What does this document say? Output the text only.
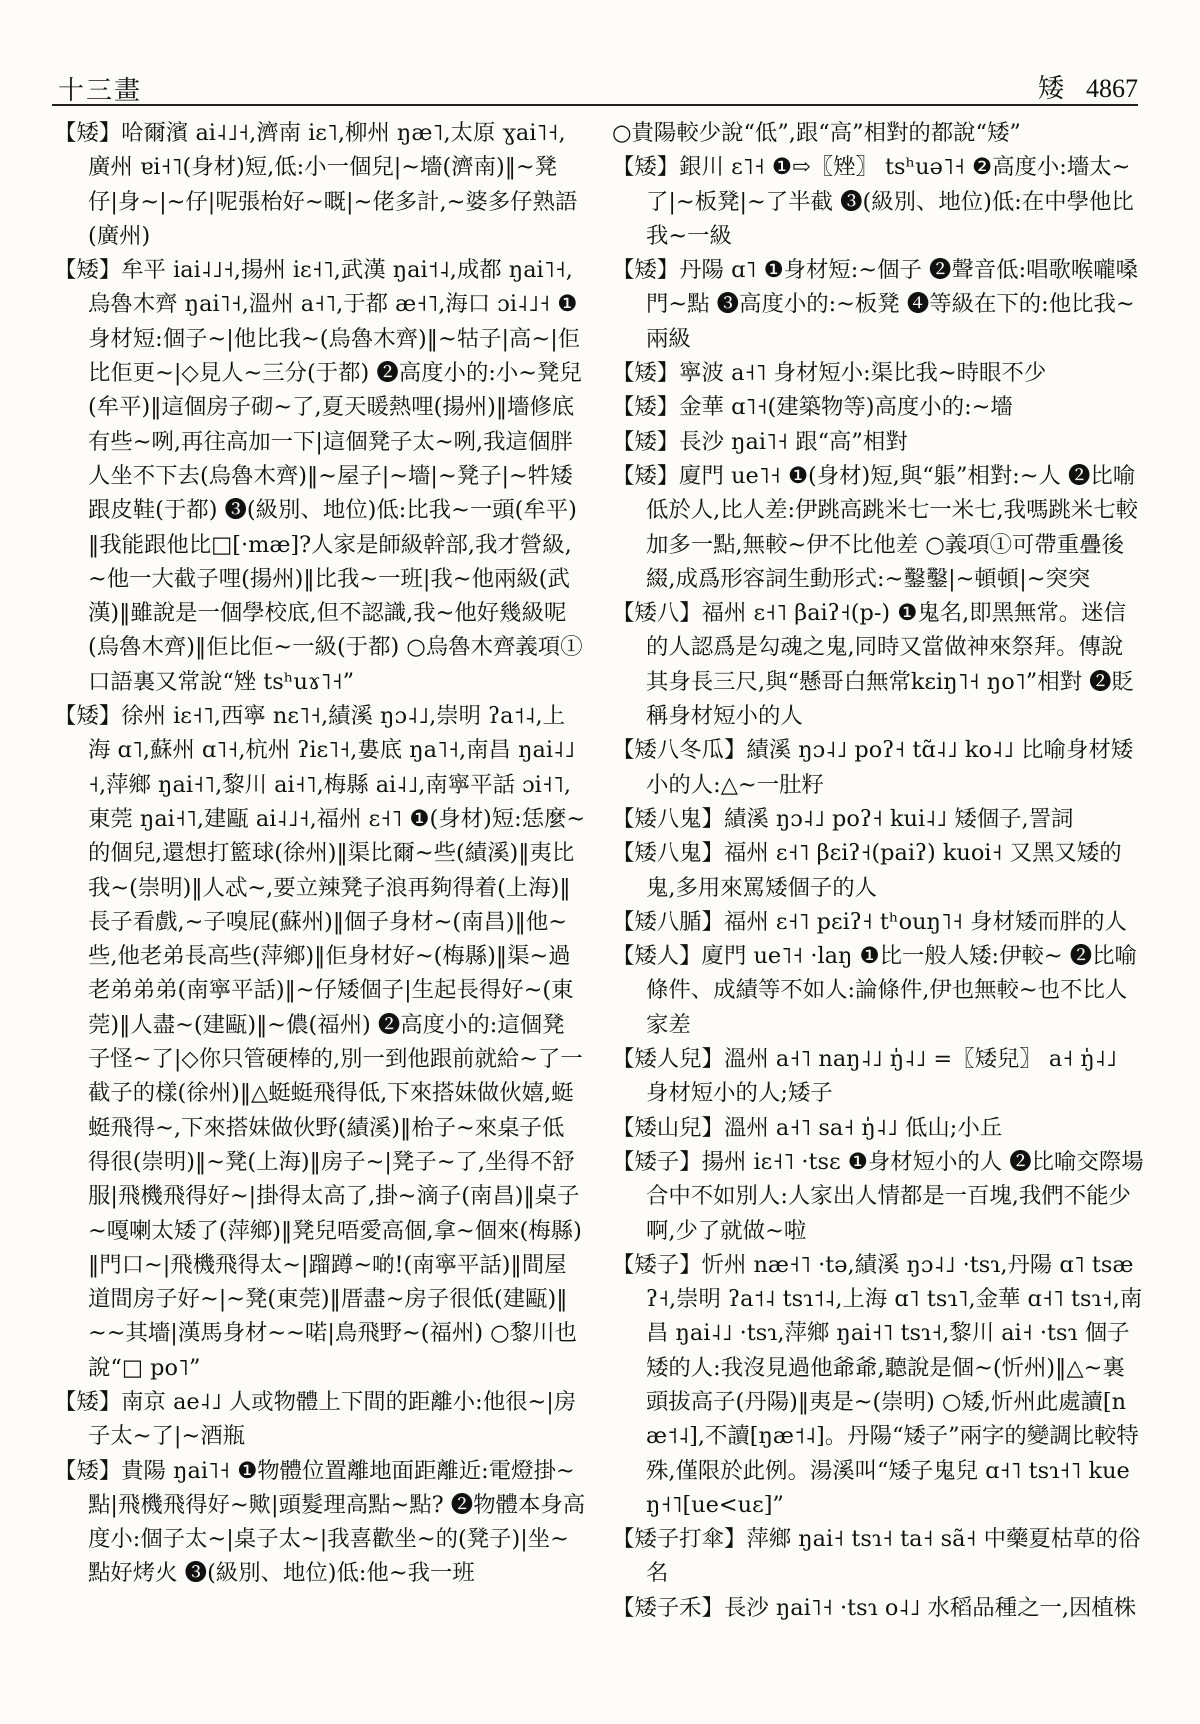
十三畫	矮 4867

【矮】哈爾濱 ai˨˩˧,濟南 iɛ˥,柳州 ŋæ˥,太原 ɣai˥˧,廣州 ɐi˧˥(身材)短,低:小一個兒|~墻(濟南)‖~凳仔|身~|~仔|呢張枱好~嘅|~佬多計,~婆多仔熟語(廣州)

【矮】牟平 iai˨˩˧,揚州 iɛ˧˥,武漢 ŋai˦˨,成都 ŋai˥˧,烏魯木齊 ŋai˥˧,溫州 a˧˥,于都 æ˧˥,海口 ɔi˨˩˧ ❶身材短:個子~|他比我~(烏魯木齊)‖~牯子|高~|佢比佢更~|◇見人~三分(于都) ❷高度小的:小~凳兒(牟平)‖這個房子砌~了,夏天暖熱哩(揚州)‖墻修底有些~咧,再往高加一下|這個凳子太~咧,我這個胖人坐不下去(烏魯木齊)‖~屋子|~墻|~凳子|~牪矮跟皮鞋(于都) ❸(級別、地位)低:比我~一頭(牟平)‖我能跟他比□[·mæ]?人家是師級幹部,我才營級,~他一大截子哩(揚州)‖比我~一班|我~他兩級(武漢)‖雖說是一個學校底,但不認識,我~他好幾級呢(烏魯木齊)‖佢比佢~一級(于都) ○烏魯木齊義項①口語裏又常說“矬 tsʰuɤ˥˧”

【矮】徐州 iɛ˧˥,西寧 nɛ˥˧,績溪 ŋɔ˨˩,崇明 ʔa˦˨,上海 ɑ˥,蘇州 ɑ˥˧,杭州 ʔiɛ˥˧,婁底 ŋa˥˧,南昌 ŋai˨˩˧,萍鄉 ŋai˧˥,黎川 ai˧˥,梅縣 ai˨˩,南寧平話 ɔi˧˥,東莞 ŋai˧˥,建甌 ai˨˩˧,福州 ɛ˧˥ ❶(身材)短:恁麼~的個兒,還想打籃球(徐州)‖渠比爾~些(績溪)‖夷比我~(崇明)‖人忒~,要立辣凳子浪再夠得着(上海)‖長子看戲,~子嗅屁(蘇州)‖個子身材~(南昌)‖他~些,他老弟長高些(萍鄉)‖佢身材好~(梅縣)‖渠~過老弟弟弟(南寧平話)‖~仔矮個子|生起長得好~(東莞)‖人盡~(建甌)‖~儂(福州) ❷高度小的:這個凳子怪~了|◇你只管硬棒的,別一到他跟前就給~了一截子的樣(徐州)‖△蜓蜓飛得低,下來搭妹做伙嬉,蜓蜓飛得~,下來搭妹做伙野(績溪)‖枱子~來桌子低得很(崇明)‖~凳(上海)‖房子~|凳子~了,坐得不舒服|飛機飛得好~|掛得太高了,掛~滴子(南昌)‖桌子~嘎喇太矮了(萍鄉)‖凳兒唔愛高個,拿~個來(梅縣)‖門口~|飛機飛得太~|蹓蹲~啲!(南寧平話)‖間屋道間房子好~|~凳(東莞)‖厝盡~房子很低(建甌)‖~~其墻|漢馬身材~~喏|鳥飛野~(福州) ○黎川也說“□ po˥”

【矮】南京 ae˨˩ 人或物體上下間的距離小:他很~|房子太~了|~酒瓶

【矮】貴陽 ŋai˥˧ ❶物體位置離地面距離近:電燈掛~點|飛機飛得好~歟|頭髮理高點~點? ❷物體本身高度小:個子太~|桌子太~|我喜歡坐~的(凳子)|坐~點好烤火 ❸(級別、地位)低:他~我一班

○貴陽較少說“低”,跟“高”相對的都說“矮”

【矮】銀川 ɛ˥˧ ❶⇨〖矬〗 tsʰuə˥˧ ❷高度小:墻太~了|~板凳|~了半截 ❸(級別、地位)低:在中學他比我~一級

【矮】丹陽 ɑ˥ ❶身材短:~個子 ❷聲音低:唱歌喉嚨嗓門~點 ❸高度小的:~板凳 ❹等級在下的:他比我~兩級

【矮】寧波 a˧˥ 身材短小:渠比我~時眼不少

【矮】金華 ɑ˥˧(建築物等)高度小的:~墻

【矮】長沙 ŋai˥˧ 跟“高”相對

【矮】廈門 ue˥˧ ❶(身材)短,與“躼”相對:~人 ❷比喻低於人,比人差:伊跳高跳米七一米七,我嗎跳米七較加多一點,無較~伊不比他差 ○義項①可帶重疊後綴,成爲形容詞生動形式:~鑿鑿|~頓頓|~突突

【矮八】福州 ɛ˧˥ βaiʔ˧(p-) ❶鬼名,即黑無常。迷信的人認爲是勾魂之鬼,同時又當做神來祭拜。傳說其身長三尺,與“懸哥白無常kɛiŋ˥˧ ŋo˥”相對 ❷貶稱身材短小的人

【矮八冬瓜】績溪 ŋɔ˨˩ poʔ˧ tɑ̃˨˩ ko˨˩ 比喻身材矮小的人:△~一肚籽

【矮八鬼】績溪 ŋɔ˨˩ poʔ˧ kui˨˩ 矮個子,詈詞

【矮八鬼】福州 ɛ˧˥ βɛiʔ˧(paiʔ) kuoi˧ 又黑又矮的鬼,多用來罵矮個子的人

【矮八腯】福州 ɛ˧˥ pɛiʔ˧ tʰouŋ˥˧ 身材矮而胖的人

【矮人】廈門 ue˥˧ ·laŋ ❶比一般人矮:伊較~ ❷比喻條件、成績等不如人:論條件,伊也無較~也不比人家差

【矮人兒】溫州 a˧˥ naŋ˨˩ ŋ̍˨˩ =〖矮兒〗 a˧ ŋ̍˨˩ 身材短小的人;矮子

【矮山兒】溫州 a˧˥ sa˧ ŋ̍˨˩ 低山;小丘

【矮子】揚州 iɛ˧˥ ·tsɛ ❶身材短小的人 ❷比喻交際場合中不如別人:人家出人情都是一百塊,我們不能少啊,少了就做~啦

【矮子】忻州 næ˧˥ ·tə,績溪 ŋɔ˨˩ ·tsɿ,丹陽 ɑ˥ tsæʔ˧,崇明 ʔa˦˨ tsɿ˦˨,上海 ɑ˥ tsɿ˥,金華 ɑ˧˥ tsɿ˧,南昌 ŋai˨˩ ·tsɿ,萍鄉 ŋai˧˥ tsɿ˧,黎川 ai˧ ·tsɿ 個子矮的人:我沒見過他爺爺,聽說是個~(忻州)‖△~裏頭拔高子(丹陽)‖夷是~(崇明) ○矮,忻州此處讀[næ˦˨],不讀[ŋæ˦˨]。丹陽“矮子”兩字的變調比較特殊,僅限於此例。湯溪叫“矮子鬼兒 ɑ˧˥ tsɿ˧˥ kueŋ˧˥[ue<uɛ]”

【矮子打傘】萍鄉 ŋai˧ tsɿ˧ ta˧ sã˧ 中藥夏枯草的俗名

【矮子禾】長沙 ŋai˥˧ ·tsɿ o˨˩ 水稻品種之一,因植株
